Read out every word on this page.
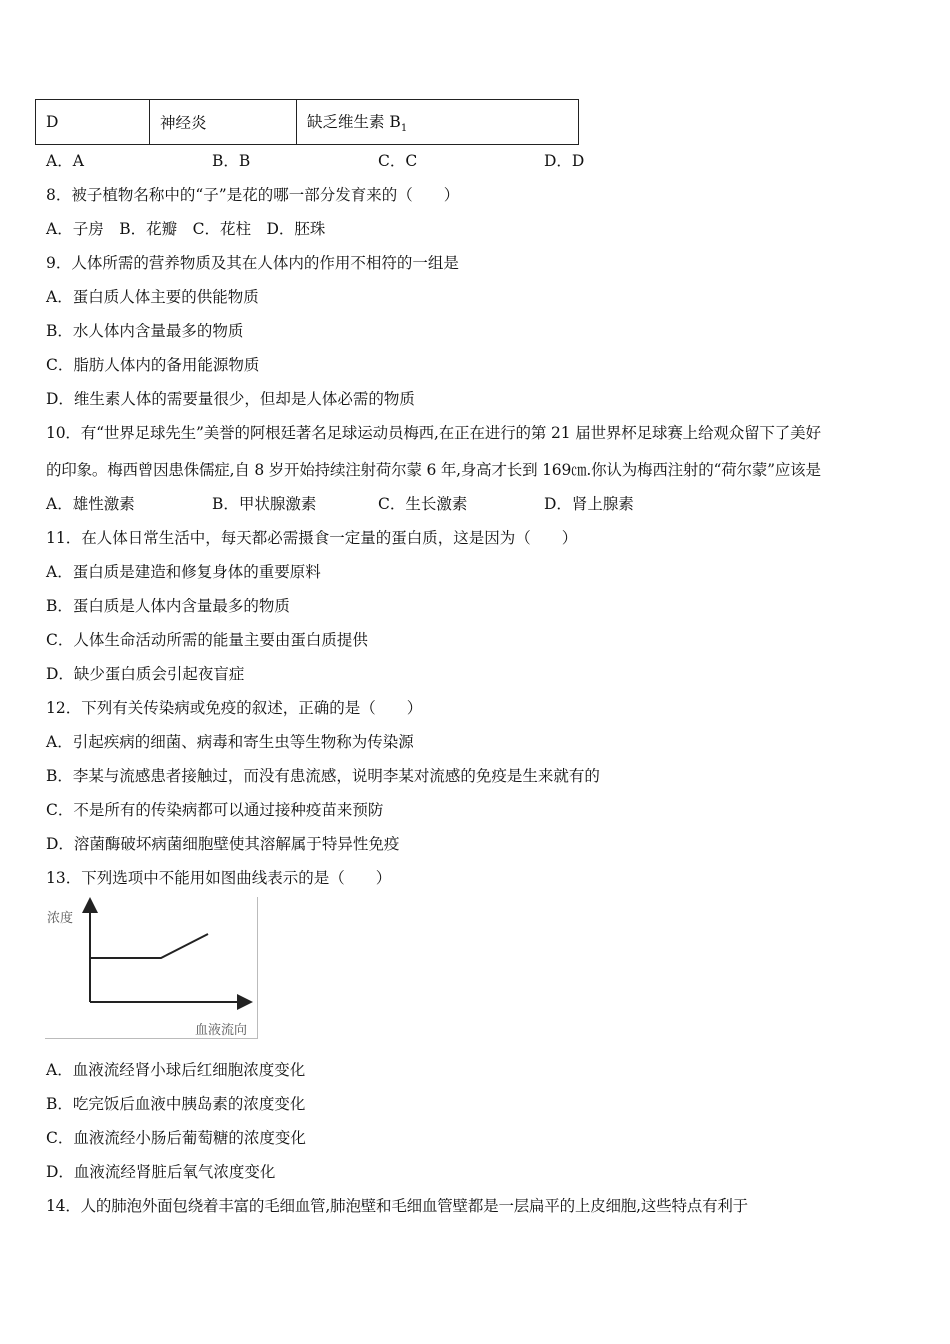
D	神经炎	缺乏维生素 $B_1$
A．A	B．B	C．C	D．D
8．被子植物名称中的“子”是花的哪一部分发育来的（　　）
A．子房　B．花瓣　C．花柱　D．胚珠
9．人体所需的营养物质及其在人体内的作用不相符的一组是
A．蛋白质人体主要的供能物质
B．水人体内含量最多的物质
C．脂肪人体内的备用能源物质
D．维生素人体的需要量很少，但却是人体必需的物质
10．有“世界足球先生”美誉的阿根廷著名足球运动员梅西,在正在进行的第 21 届世界杯足球赛上给观众留下了美好
的印象。梅西曾因患侏儒症,自 8 岁开始持续注射荷尔蒙 6 年,身高才长到 169㎝.你认为梅西注射的“荷尔蒙”应该是
A．雄性激素	B．甲状腺激素	C．生长激素	D．肾上腺素
11．在人体日常生活中，每天都必需摄食一定量的蛋白质，这是因为（　　）
A．蛋白质是建造和修复身体的重要原料
B．蛋白质是人体内含量最多的物质
C．人体生命活动所需的能量主要由蛋白质提供
D．缺少蛋白质会引起夜盲症
12．下列有关传染病或免疫的叙述，正确的是（　　）
A．引起疾病的细菌、病毒和寄生虫等生物称为传染源
B．李某与流感患者接触过，而没有患流感，说明李某对流感的免疫是生来就有的
C．不是所有的传染病都可以通过接种疫苗来预防
D．溶菌酶破坏病菌细胞壁使其溶解属于特异性免疫
13．下列选项中不能用如图曲线表示的是（　　）
浓度
血液流向
A．血液流经肾小球后红细胞浓度变化
B．吃完饭后血液中胰岛素的浓度变化
C．血液流经小肠后葡萄糖的浓度变化
D．血液流经肾脏后氧气浓度变化
14．人的肺泡外面包绕着丰富的毛细血管,肺泡壁和毛细血管壁都是一层扁平的上皮细胞,这些特点有利于
